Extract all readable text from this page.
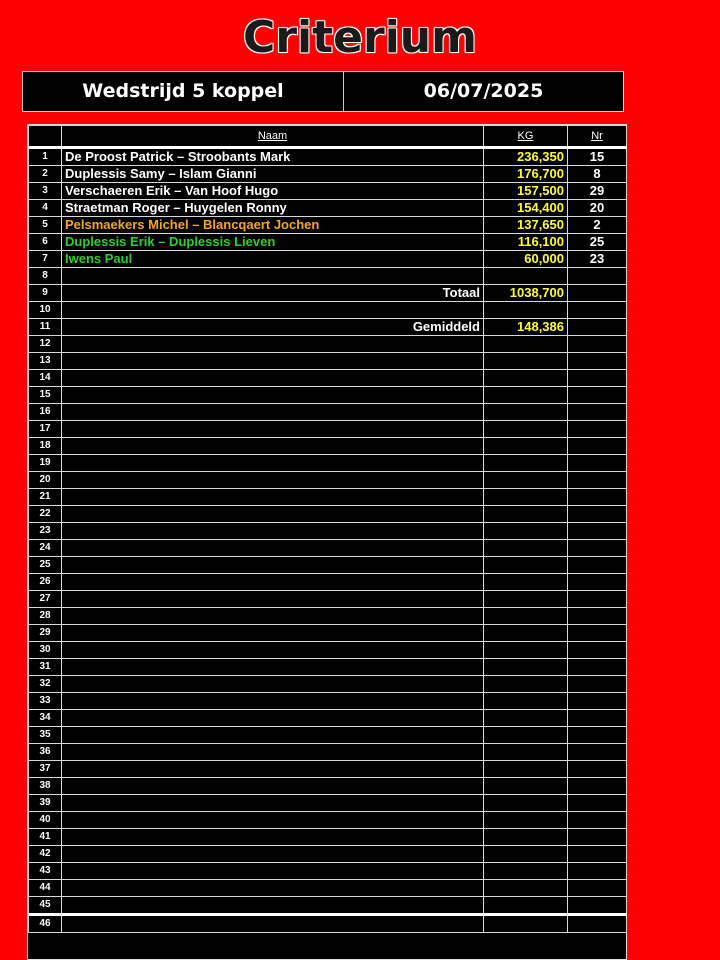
Criterium
Wedstrijd 5 koppel	06/07/2025
	Naam	KG	Nr
1	De Proost Patrick – Stroobants Mark	236,350	15
2	Duplessis Samy – Islam Gianni	176,700	8
3	Verschaeren Erik – Van Hoof Hugo	157,500	29
4	Straetman Roger – Huygelen Ronny	154,400	20
5	Pelsmaekers Michel – Blancqaert Jochen	137,650	2
6	Duplessis Erik – Duplessis Lieven	116,100	25
7	Iwens Paul	60,000	23
8			
9	Totaal	1038,700	
10			
11	Gemiddeld	148,386	
12			
13			
14			
15			
16			
17			
18			
19			
20			
21			
22			
23			
24			
25			
26			
27			
28			
29			
30			
31			
32			
33			
34			
35			
36			
37			
38			
39			
40			
41			
42			
43			
44			
45			
46			
